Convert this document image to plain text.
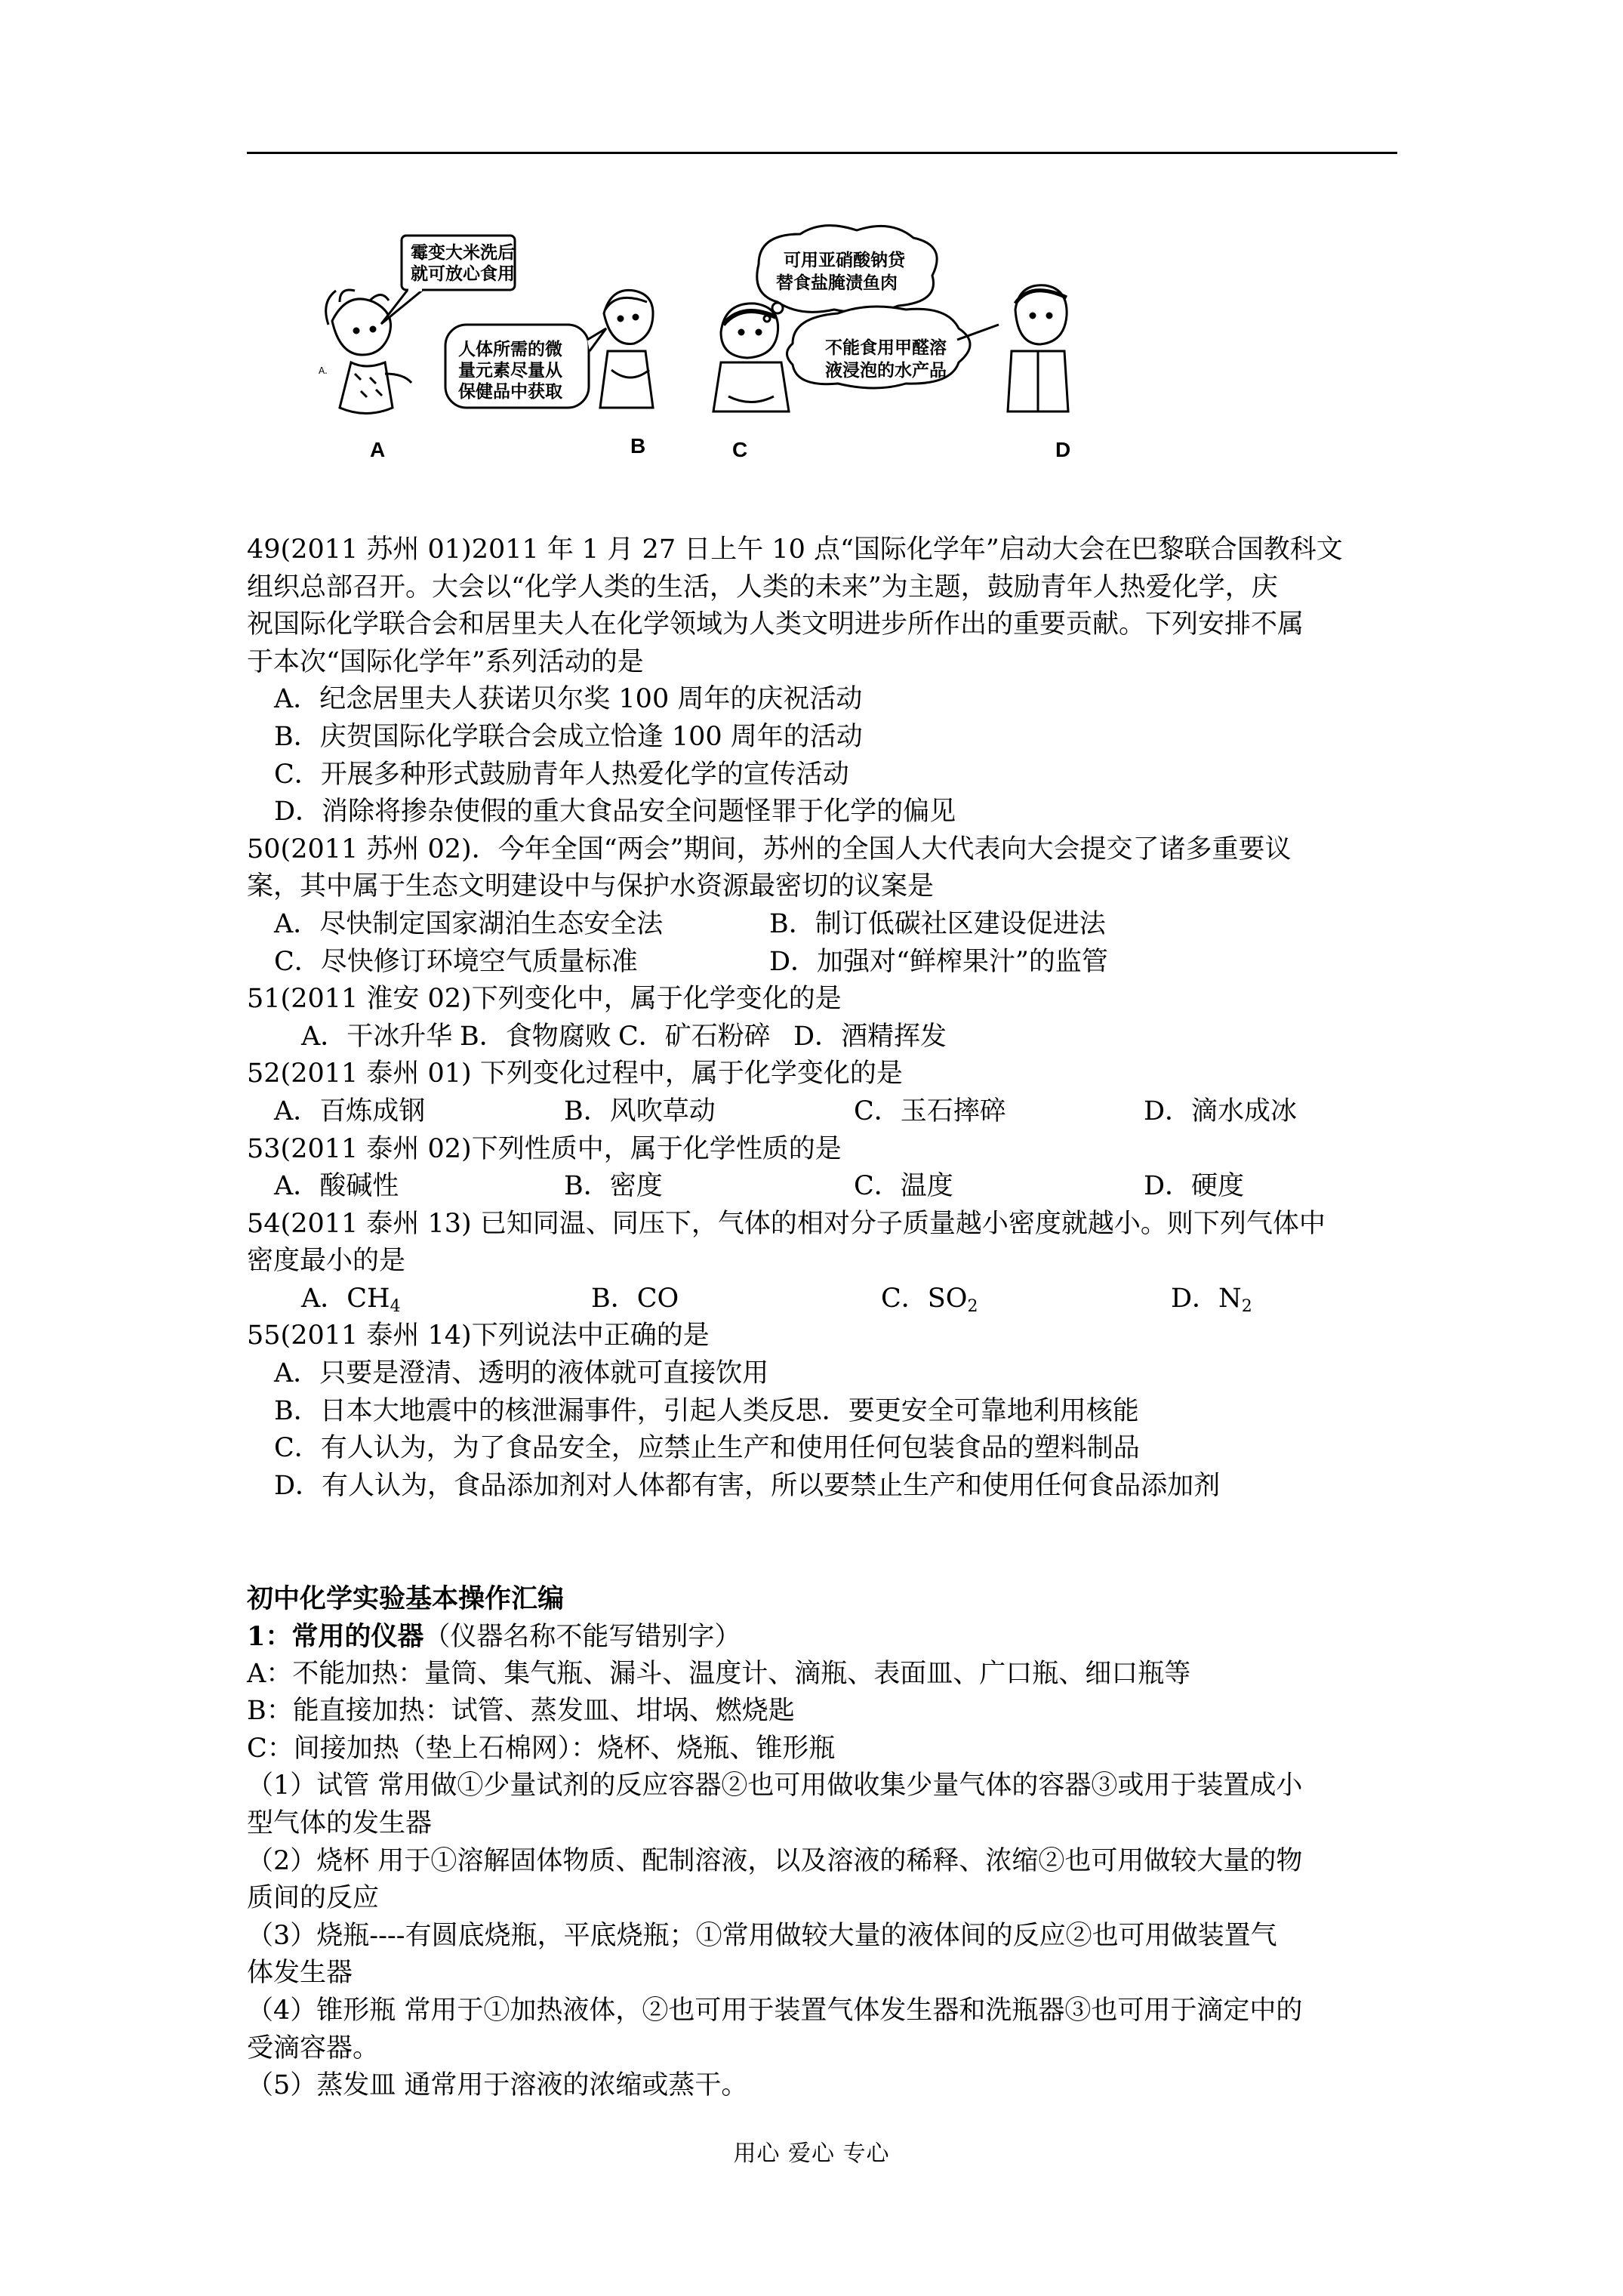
A.
霉变大米洗后
就可放心食用
人体所需的微
量元素尽量从
保健品中获取
可用亚硝酸钠贷
替食盐腌渍鱼肉
不能食用甲醛溶
液浸泡的水产品
A	B	C	D
49(2011 苏州 01)2011 年 1 月 27 日上午 10 点“国际化学年”启动大会在巴黎联合国教科文
组织总部召开。大会以“化学人类的生活，人类的未来”为主题，鼓励青年人热爱化学，庆
祝国际化学联合会和居里夫人在化学领域为人类文明进步所作出的重要贡献。下列安排不属
于本次“国际化学年”系列活动的是
A．纪念居里夫人获诺贝尔奖 100 周年的庆祝活动
B．庆贺国际化学联合会成立恰逢 100 周年的活动
C．开展多种形式鼓励青年人热爱化学的宣传活动
D．消除将掺杂使假的重大食品安全问题怪罪于化学的偏见
50(2011 苏州 02)．今年全国“两会”期间，苏州的全国人大代表向大会提交了诸多重要议
案，其中属于生态文明建设中与保护水资源最密切的议案是
A．尽快制定国家湖泊生态安全法	B．制订低碳社区建设促进法
C．尽快修订环境空气质量标准	D．加强对“鲜榨果汁”的监管
51(2011 淮安 02)下列变化中，属于化学变化的是
A．干冰升华 B．食物腐败 C．矿石粉碎 D．酒精挥发
52(2011 泰州 01) 下列变化过程中，属于化学变化的是
A．百炼成钢	B．风吹草动	C．玉石摔碎	D．滴水成冰
53(2011 泰州 02)下列性质中，属于化学性质的是
A．酸碱性	B．密度	C．温度	D．硬度
54(2011 泰州 13) 已知同温、同压下，气体的相对分子质量越小密度就越小。则下列气体中
密度最小的是
A．$CH_4$	B．CO	C．$SO_2$	D．$N_2$
55(2011 泰州 14)下列说法中正确的是
A．只要是澄清、透明的液体就可直接饮用
B．日本大地震中的核泄漏事件，引起人类反思．要更安全可靠地利用核能
C．有人认为，为了食品安全，应禁止生产和使用任何包装食品的塑料制品
D．有人认为，食品添加剂对人体都有害，所以要禁止生产和使用任何食品添加剂
初中化学实验基本操作汇编
1：常用的仪器（仪器名称不能写错别字）
A：不能加热：量筒、集气瓶、漏斗、温度计、滴瓶、表面皿、广口瓶、细口瓶等
B：能直接加热：试管、蒸发皿、坩埚、燃烧匙
C：间接加热（垫上石棉网）：烧杯、烧瓶、锥形瓶
（1）试管 常用做①少量试剂的反应容器②也可用做收集少量气体的容器③或用于装置成小
型气体的发生器
（2）烧杯 用于①溶解固体物质、配制溶液，以及溶液的稀释、浓缩②也可用做较大量的物
质间的反应
（3）烧瓶----有圆底烧瓶，平底烧瓶；①常用做较大量的液体间的反应②也可用做装置气
体发生器
（4）锥形瓶 常用于①加热液体，②也可用于装置气体发生器和洗瓶器③也可用于滴定中的
受滴容器。
（5）蒸发皿 通常用于溶液的浓缩或蒸干。
用心 爱心 专心
